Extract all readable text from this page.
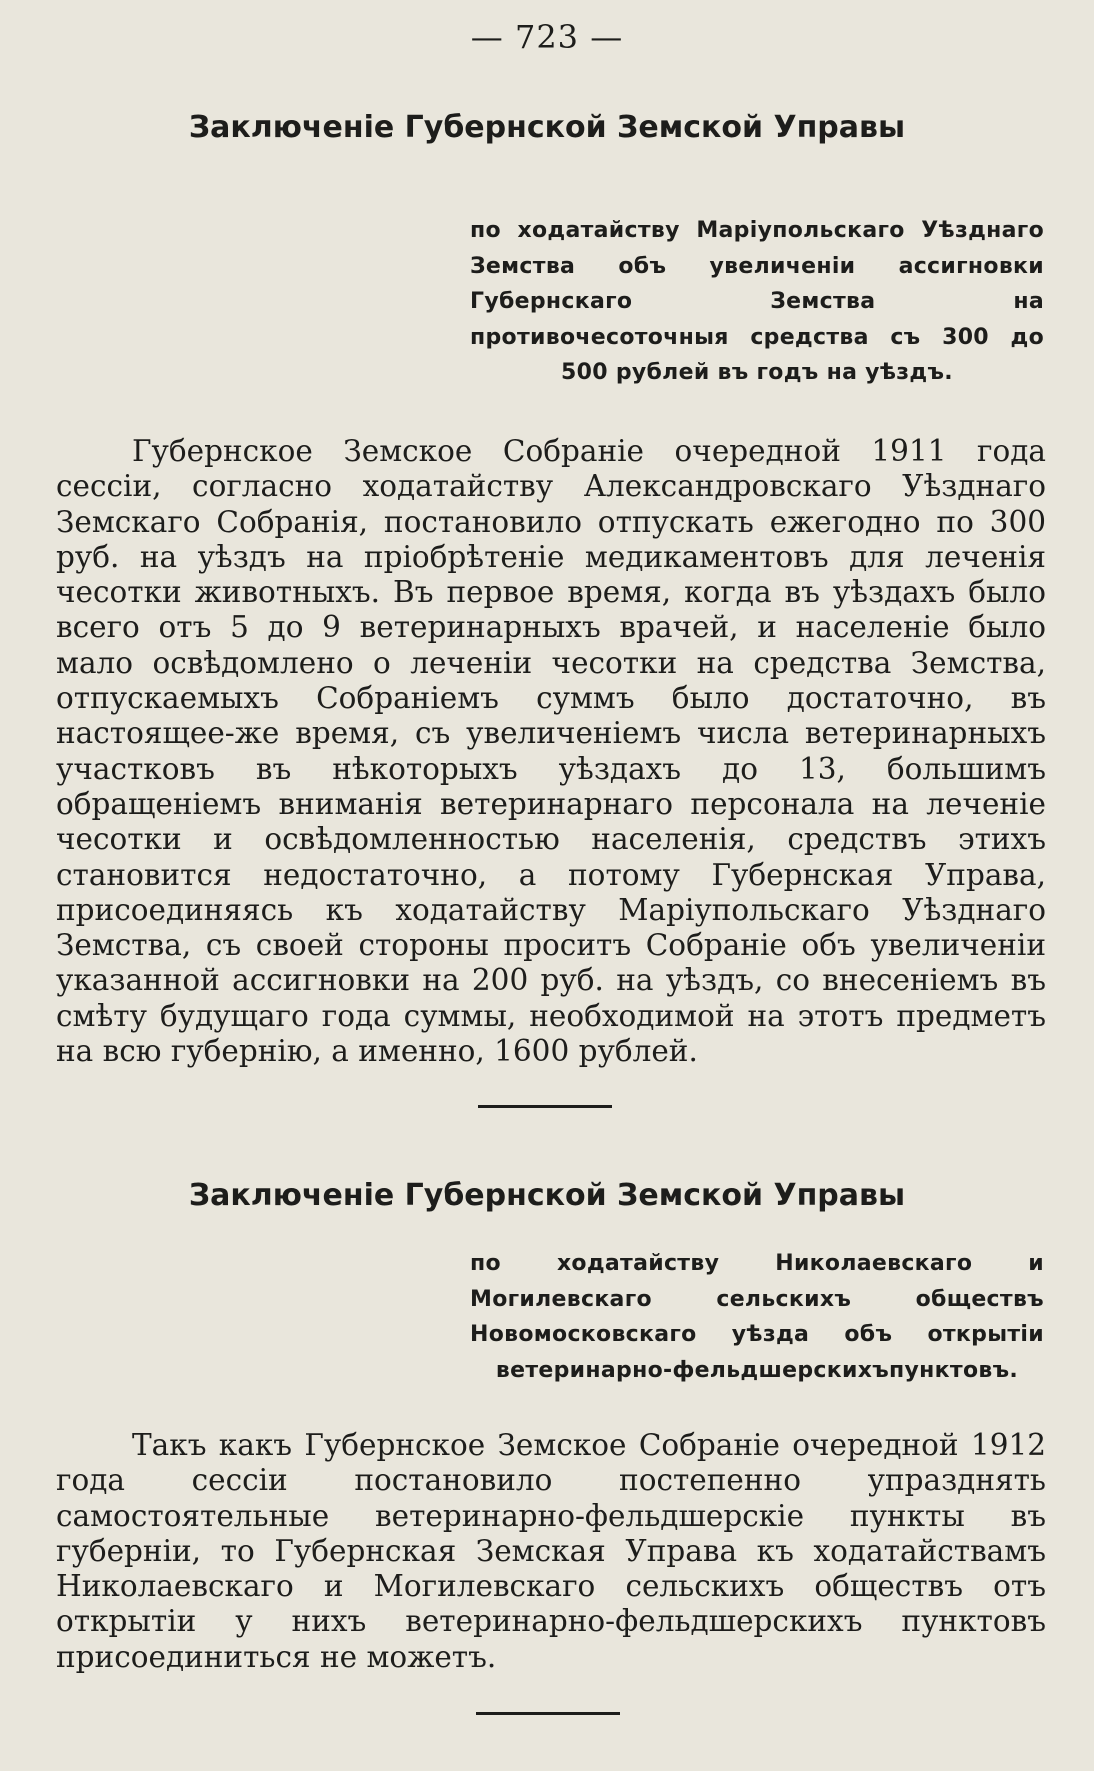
— 723 —
Заключеніе Губернской Земской Управы
по ходатайству Маріупольскаго Уѣзднаго Земства объ увеличеніи ассигновки Губернскаго Земства на противочесоточныя средства съ 300 до 500 рублей въ годъ на уѣздъ.
Губернское Земское Собраніе очередной 1911 года сессіи, согласно ходатайству Александровскаго Уѣзднаго Земскаго Собранія, постановило отпускать ежегодно по 300 руб. на уѣздъ на пріобрѣтеніе медикаментовъ для леченія чесотки животныхъ. Въ первое время, когда въ уѣздахъ было всего отъ 5 до 9 ветеринарныхъ врачей, и населеніе было мало освѣдомлено о леченіи чесотки на средства Земства, отпускаемыхъ Собраніемъ суммъ было достаточно, въ настоящее-же время, съ увеличеніемъ числа ветеринарныхъ участковъ въ нѣкоторыхъ уѣздахъ до 13, большимъ обращеніемъ вниманія ветеринарнаго персонала на леченіе чесотки и освѣдомленностью населенія, средствъ этихъ становится недостаточно, а потому Губернская Управа, присоединяясь къ ходатайству Маріупольскаго Уѣзднаго Земства, съ своей стороны проситъ Собраніе объ увеличеніи указанной ассигновки на 200 руб. на уѣздъ, со внесеніемъ въ смѣту будущаго года суммы, необходимой на этотъ предметъ на всю губернію, а именно, 1600 рублей.
Заключеніе Губернской Земской Управы
по ходатайству Николаевскаго и Могилевскаго сельскихъ обществъ Новомосковскаго уѣзда объ открытіи ветеринарно-фельдшерскихъпунктовъ.
Такъ какъ Губернское Земское Собраніе очередной 1912 года сессіи постановило постепенно упразднять самостоятельные ветеринарно-фельдшерскіе пункты въ губерніи, то Губернская Земская Управа къ ходатайствамъ Николаевскаго и Могилевскаго сельскихъ обществъ отъ открытіи у нихъ ветеринарно-фельдшерскихъ пунктовъ присоединиться не можетъ.
